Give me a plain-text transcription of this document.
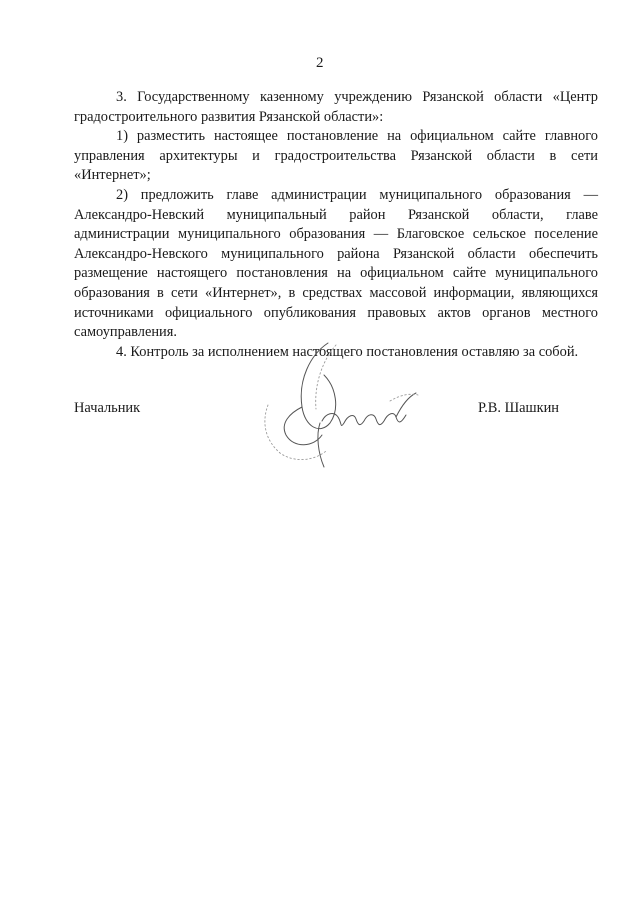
2

3. Государственному казенному учреждению Рязанской области «Центр градостроительного развития Рязанской области»:

1) разместить настоящее постановление на официальном сайте главного управления архитектуры и градостроительства Рязанской области в сети «Интернет»;

2) предложить главе администрации муниципального образования — Александро-Невский муниципальный район Рязанской области, главе администрации муниципального образования — Благовское сельское поселение Александро-Невского муниципального района Рязанской области обеспечить размещение настоящего постановления на официальном сайте муниципального образования в сети «Интернет», в средствах массовой информации, являющихся источниками официального опубликования правовых актов органов местного самоуправления.

4. Контроль за исполнением настоящего постановления оставляю за собой.

Начальник	Р.В. Шашкин
